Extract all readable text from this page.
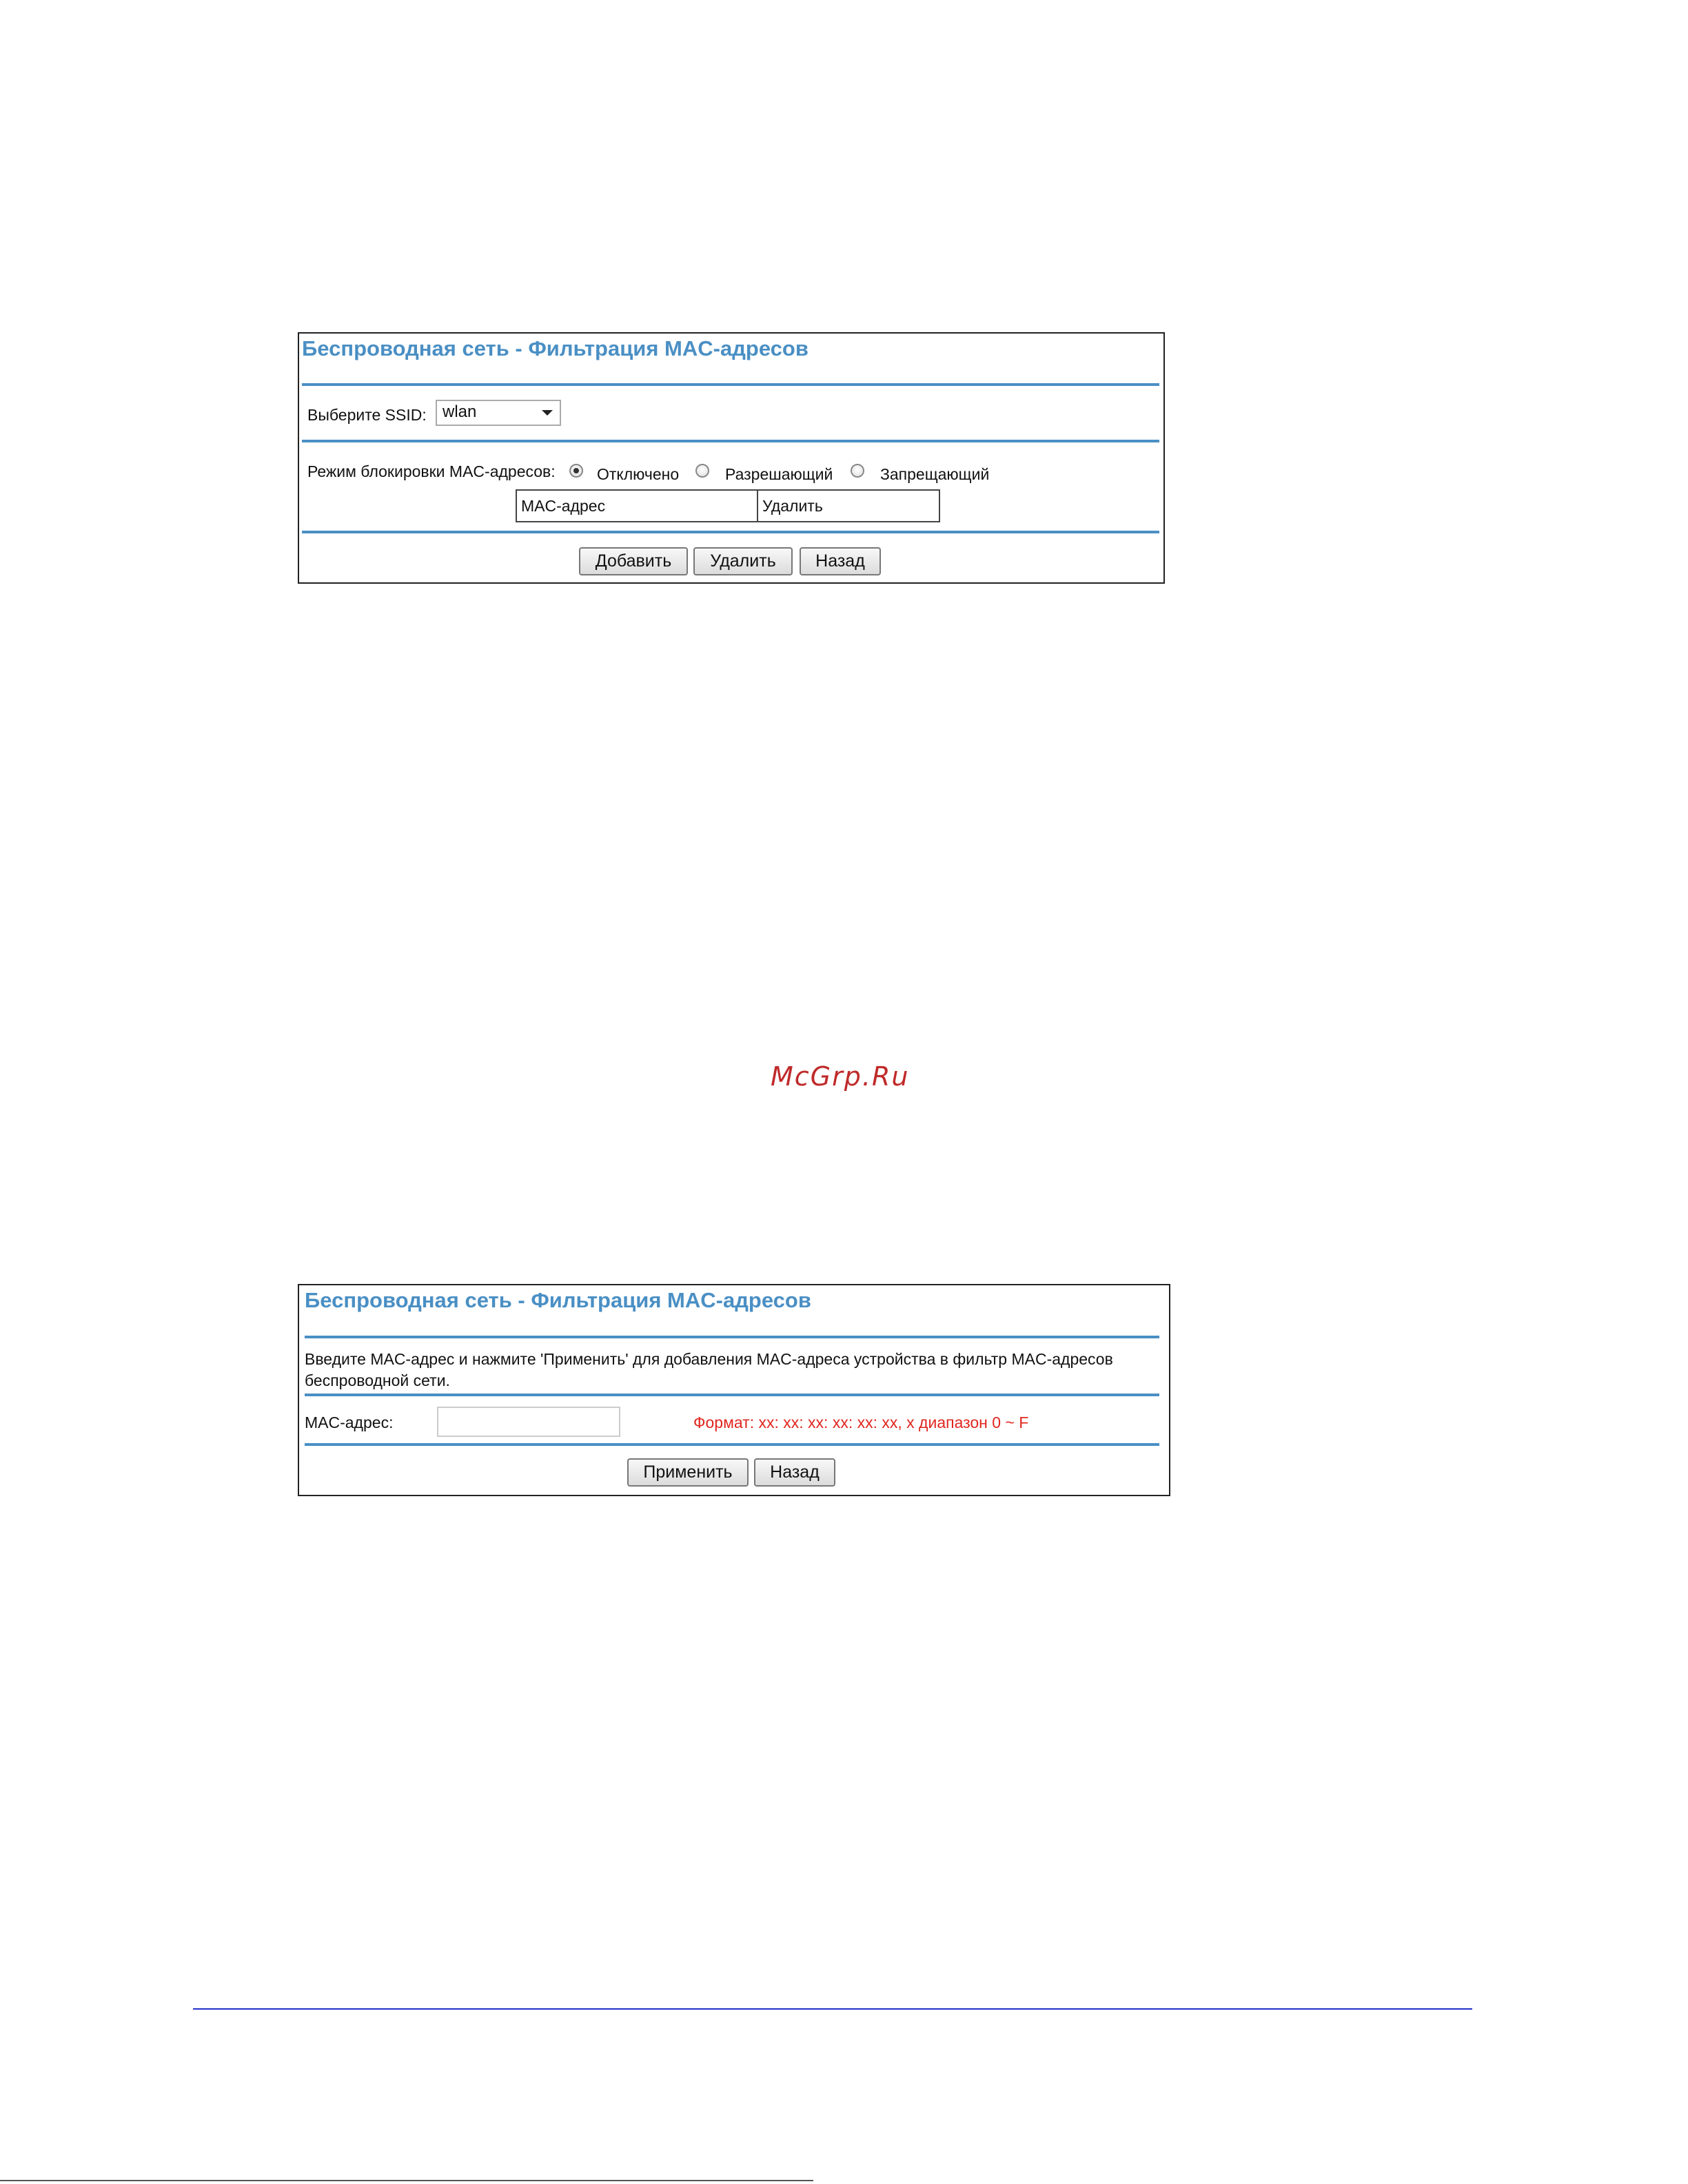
Беспроводная сеть - Фильтрация MAC-адресов
Выберите SSID: wlan
Режим блокировки MAC-адресов:	Отключено	Разрешающий	Запрещающий
MAC-адрес	Удалить
Добавить	Удалить	Назад
McGrp.Ru
Беспроводная сеть - Фильтрация MAC-адресов
Введите MAC-адрес и нажмите 'Применить' для добавления MAC-адреса устройства в фильтр MAC-адресов беспроводной сети.
MAC-адрес:	Формат: xx: xx: xx: xx: xx: xx, x диапазон 0 ~ F
Применить	Назад
